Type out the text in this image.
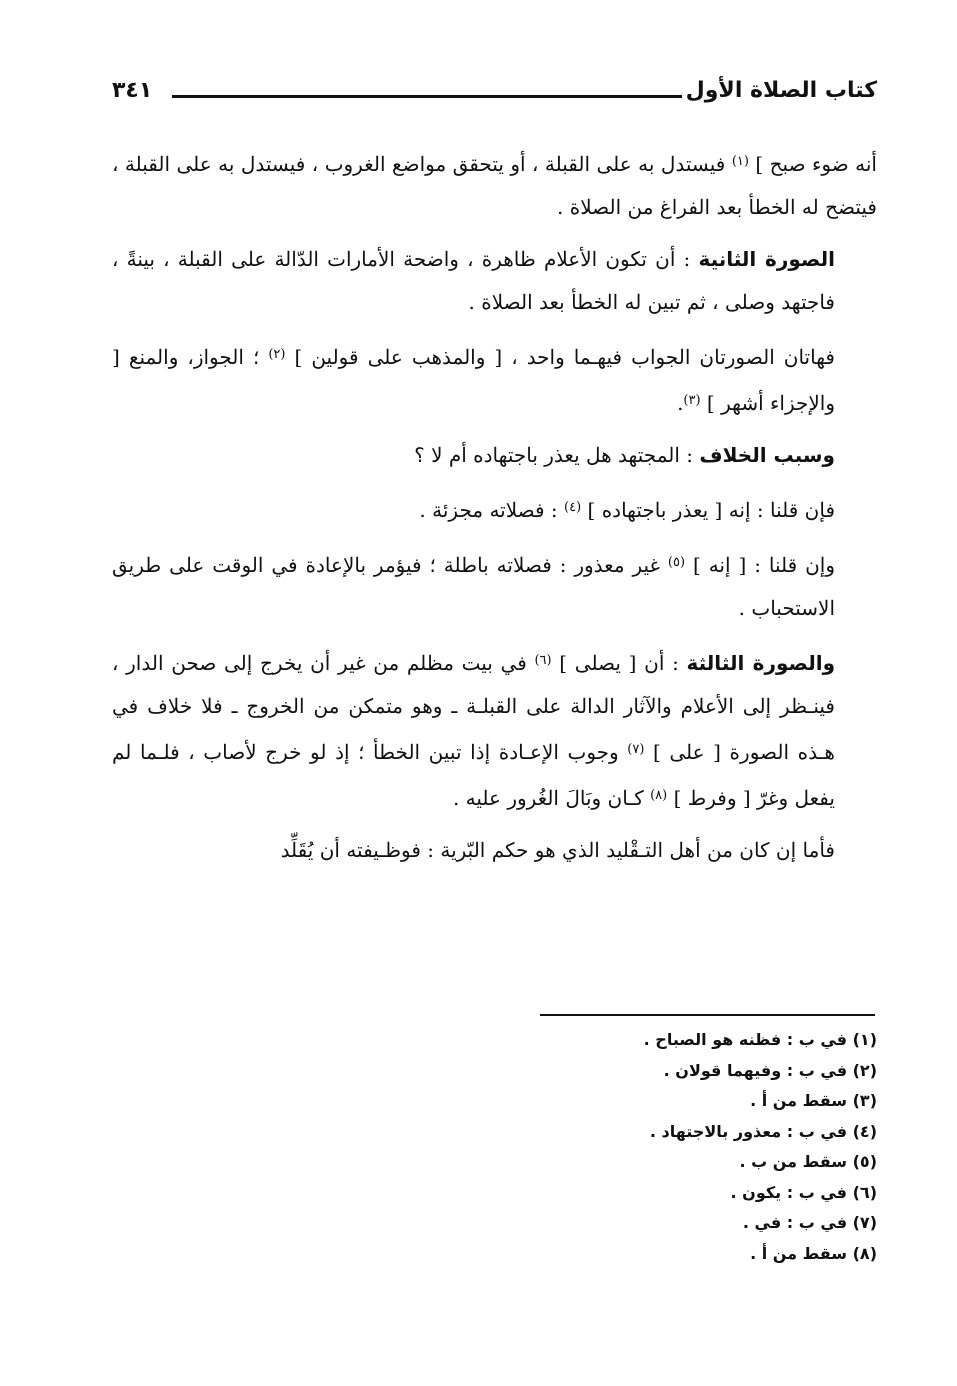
كتاب الصلاة الأول
٣٤١

أنه ضوء صبح ] $^{(١)}$ فيستدل به على القبلة ، أو يتحقق مواضع الغروب ، فيستدل به على القبلة ، فيتضح له الخطأ بعد الفراغ من الصلاة .

الصورة الثانية : أن تكون الأعلام ظاهرة ، واضحة الأمارات الدّالة على القبلة ، بينةً ، فاجتهد وصلى ، ثم تبين له الخطأ بعد الصلاة .

فهاتان الصورتان الجواب فيهـما واحد ، [ والمذهب على قولين ] $^{(٢)}$ ؛ الجواز، والمنع [ والإجزاء أشهر ] $^{(٣)}$.

وسبب الخلاف : المجتهد هل يعذر باجتهاده أم لا ؟

فإن قلنا : إنه [ يعذر باجتهاده ] $^{(٤)}$ : فصلاته مجزئة .

وإن قلنا : [ إنه ] $^{(٥)}$ غير معذور : فصلاته باطلة ؛ فيؤمر بالإعادة في الوقت على طريق الاستحباب .

والصورة الثالثة : أن [ يصلى ] $^{(٦)}$ في بيت مظلم من غير أن يخرج إلى صحن الدار ، فينـظر إلى الأعلام والآثار الدالة على القبلـة ـ وهو متمكن من الخروج ـ فلا خلاف في هـذه الصورة [ على ] $^{(٧)}$ وجوب الإعـادة إذا تبين الخطأ ؛ إذ لو خرج لأصاب ، فلـما لم يفعل وغرّ [ وفرط ] $^{(٨)}$ كـان وبَالَ الغُرور عليه .

فأما إن كان من أهل التـقْليد الذي هو حكم البّرية : فوظـيفته أن يُقَلِّد

(١) في ب : فظنه هو الصباح .
(٢) في ب : وفيهما قولان .
(٣) سقط من أ .
(٤) في ب : معذور بالاجتهاد .
(٥) سقط من ب .
(٦) في ب : يكون .
(٧) في ب : في .
(٨) سقط من أ .
